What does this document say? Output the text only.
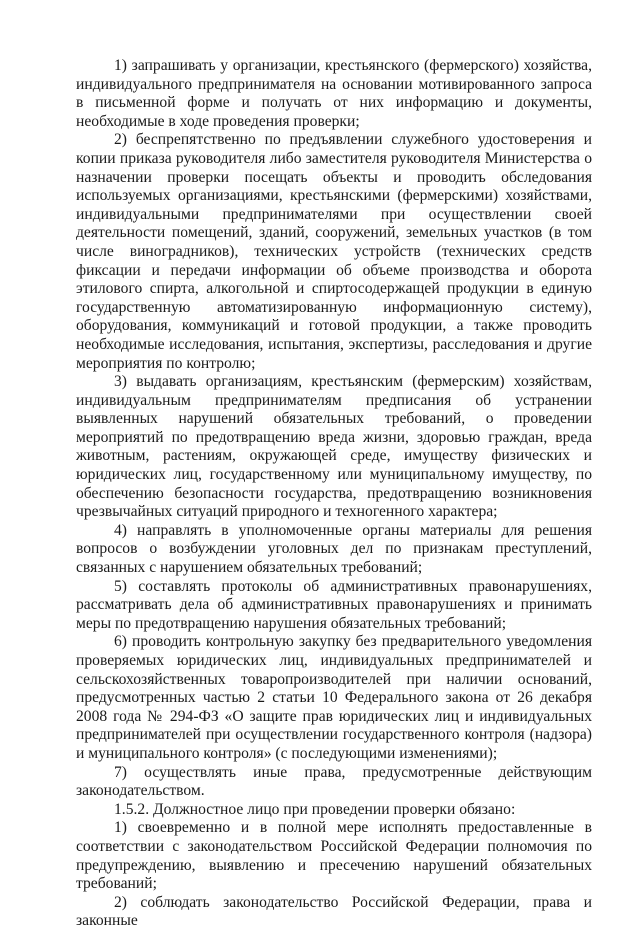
1) запрашивать у организации, крестьянского (фермерского) хозяйства, индивидуального предпринимателя на основании мотивированного запроса в письменной форме и получать от них информацию и документы, необходимые в ходе проведения проверки;

2) беспрепятственно по предъявлении служебного удостоверения и копии приказа руководителя либо заместителя руководителя Министерства о назначении проверки посещать объекты и проводить обследования используемых организациями, крестьянскими (фермерскими) хозяйствами, индивидуальными предпринимателями при осуществлении своей деятельности помещений, зданий, сооружений, земельных участков (в том числе виноградников), технических устройств (технических средств фиксации и передачи информации об объеме производства и оборота этилового спирта, алкогольной и спиртосодержащей продукции в единую государственную автоматизированную информационную систему), оборудования, коммуникаций и готовой продукции, а также проводить необходимые исследования, испытания, экспертизы, расследования и другие мероприятия по контролю;

3) выдавать организациям, крестьянским (фермерским) хозяйствам, индивидуальным предпринимателям предписания об устранении выявленных нарушений обязательных требований, о проведении мероприятий по предотвращению вреда жизни, здоровью граждан, вреда животным, растениям, окружающей среде, имуществу физических и юридических лиц, государственному или муниципальному имуществу, по обеспечению безопасности государства, предотвращению возникновения чрезвычайных ситуаций природного и техногенного характера;

4) направлять в уполномоченные органы материалы для решения вопросов о возбуждении уголовных дел по признакам преступлений, связанных с нарушением обязательных требований;

5) составлять протоколы об административных правонарушениях, рассматривать дела об административных правонарушениях и принимать меры по предотвращению нарушения обязательных требований;

6) проводить контрольную закупку без предварительного уведомления проверяемых юридических лиц, индивидуальных предпринимателей и сельскохозяйственных товаропроизводителей при наличии оснований, предусмотренных частью 2 статьи 10 Федерального закона от 26 декабря 2008 года № 294-ФЗ «О защите прав юридических лиц и индивидуальных предпринимателей при осуществлении государственного контроля (надзора) и муниципального контроля» (с последующими изменениями);

7) осуществлять иные права, предусмотренные действующим законодательством.

1.5.2. Должностное лицо при проведении проверки обязано:

1) своевременно и в полной мере исполнять предоставленные в соответствии с законодательством Российской Федерации полномочия по предупреждению, выявлению и пресечению нарушений обязательных требований;

2) соблюдать законодательство Российской Федерации, права и законные
